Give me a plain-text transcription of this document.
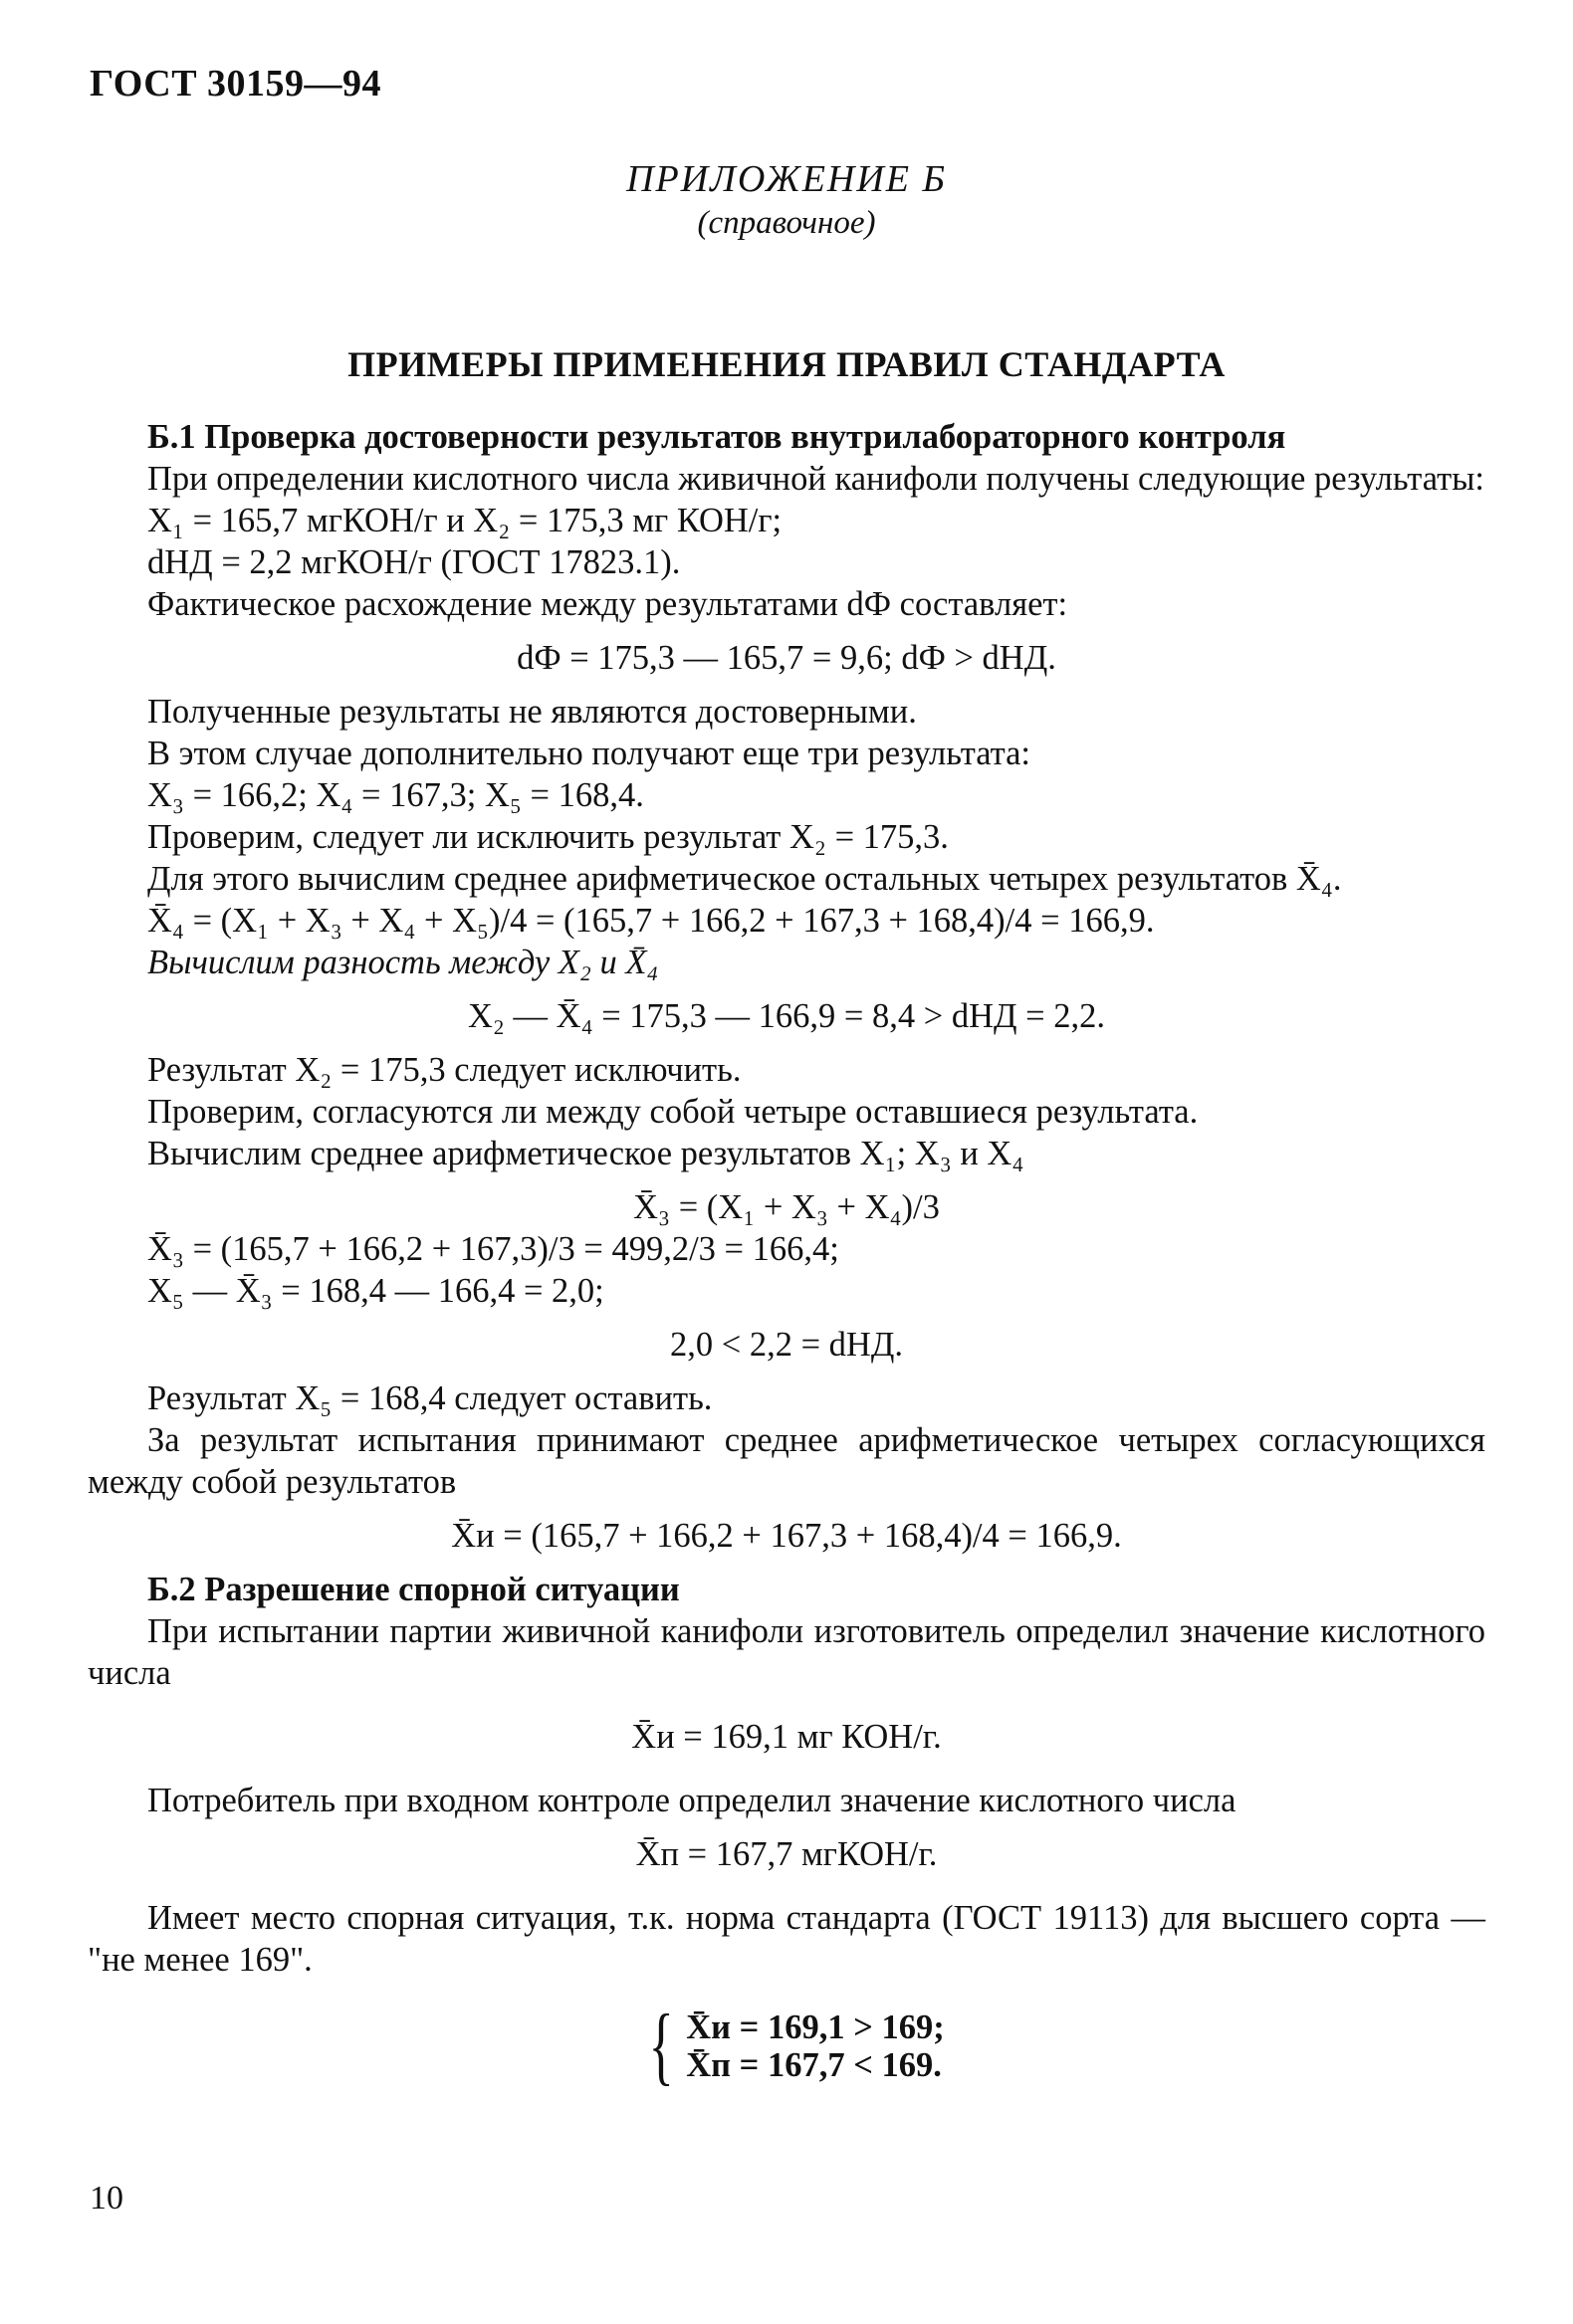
ГОСТ 30159—94
ПРИЛОЖЕНИЕ Б
(справочное)
ПРИМЕРЫ ПРИМЕНЕНИЯ ПРАВИЛ СТАНДАРТА

Б.1 Проверка достоверности результатов внутрилабораторного контроля

При определении кислотного числа живичной канифоли получены следующие результаты:

X₁ = 165,7 мгКОН/г и X₂ = 175,3 мг КОН/г;

dНД = 2,2 мгКОН/г (ГОСТ 17823.1).

Фактическое расхождение между результатами dФ составляет:

dФ = 175,3 — 165,7 = 9,6; dФ > dНД.

Полученные результаты не являются достоверными.

В этом случае дополнительно получают еще три результата:

X₃ = 166,2; X₄ = 167,3; X₅ = 168,4.

Проверим, следует ли исключить результат X₂ = 175,3.

Для этого вычислим среднее арифметическое остальных четырех результатов X̄₄.

X̄₄ = (X₁ + X₃ + X₄ + X₅)/4 = (165,7 + 166,2 + 167,3 + 168,4)/4 = 166,9.

Вычислим разность между X₂ и X̄₄

X₂ — X̄₄ = 175,3 — 166,9 = 8,4 > dНД = 2,2.

Результат X₂ = 175,3 следует исключить.

Проверим, согласуются ли между собой четыре оставшиеся результата.

Вычислим среднее арифметическое результатов X₁; X₃ и X₄

X̄₃ = (X₁ + X₃ + X₄)/3

X̄₃ = (165,7 + 166,2 + 167,3)/3 = 499,2/3 = 166,4;

X₅ — X̄₃ = 168,4 — 166,4 = 2,0;

2,0 < 2,2 = dНД.

Результат X₅ = 168,4 следует оставить.

За результат испытания принимают среднее арифметическое четырех согласующихся между собой результатов

X̄и = (165,7 + 166,2 + 167,3 + 168,4)/4 = 166,9.

Б.2 Разрешение спорной ситуации

При испытании партии живичной канифоли изготовитель определил значение кислотного числа

X̄и = 169,1 мг КОН/г.

Потребитель при входном контроле определил значение кислотного числа

X̄п = 167,7 мгКОН/г.

Имеет место спорная ситуация, т.к. норма стандарта (ГОСТ 19113) для высшего сорта — "не менее 169".

{ X̄и = 169,1 > 169;

X̄п = 167,7 < 169.

10
